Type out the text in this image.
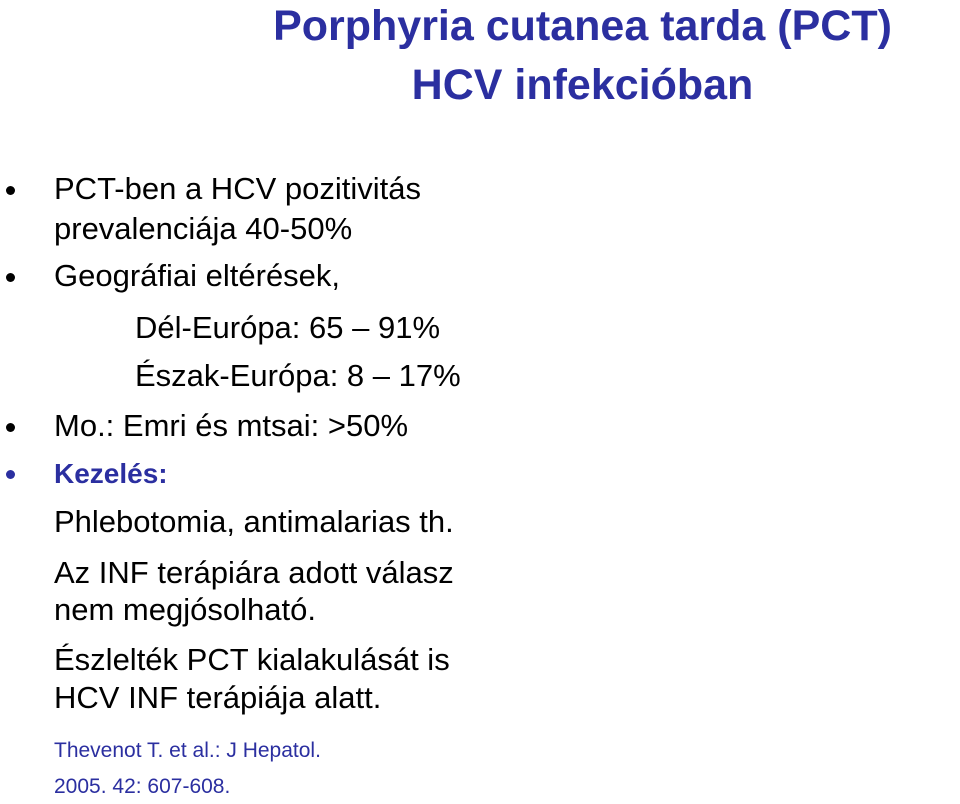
Porphyria cutanea tarda (PCT)
HCV infekcióban
PCT-ben a HCV pozitivitás
prevalenciája 40-50%
Geográfiai eltérések,
Dél-Európa: 65 – 91%
Észak-Európa: 8 – 17%
Mo.: Emri és mtsai: >50%
Kezelés:
Phlebotomia, antimalarias th.
Az INF terápiára adott válasz
nem megjósolható.
Észlelték PCT kialakulását is
HCV INF terápiája alatt.
Thevenot T. et al.: J Hepatol.
2005. 42: 607-608.
